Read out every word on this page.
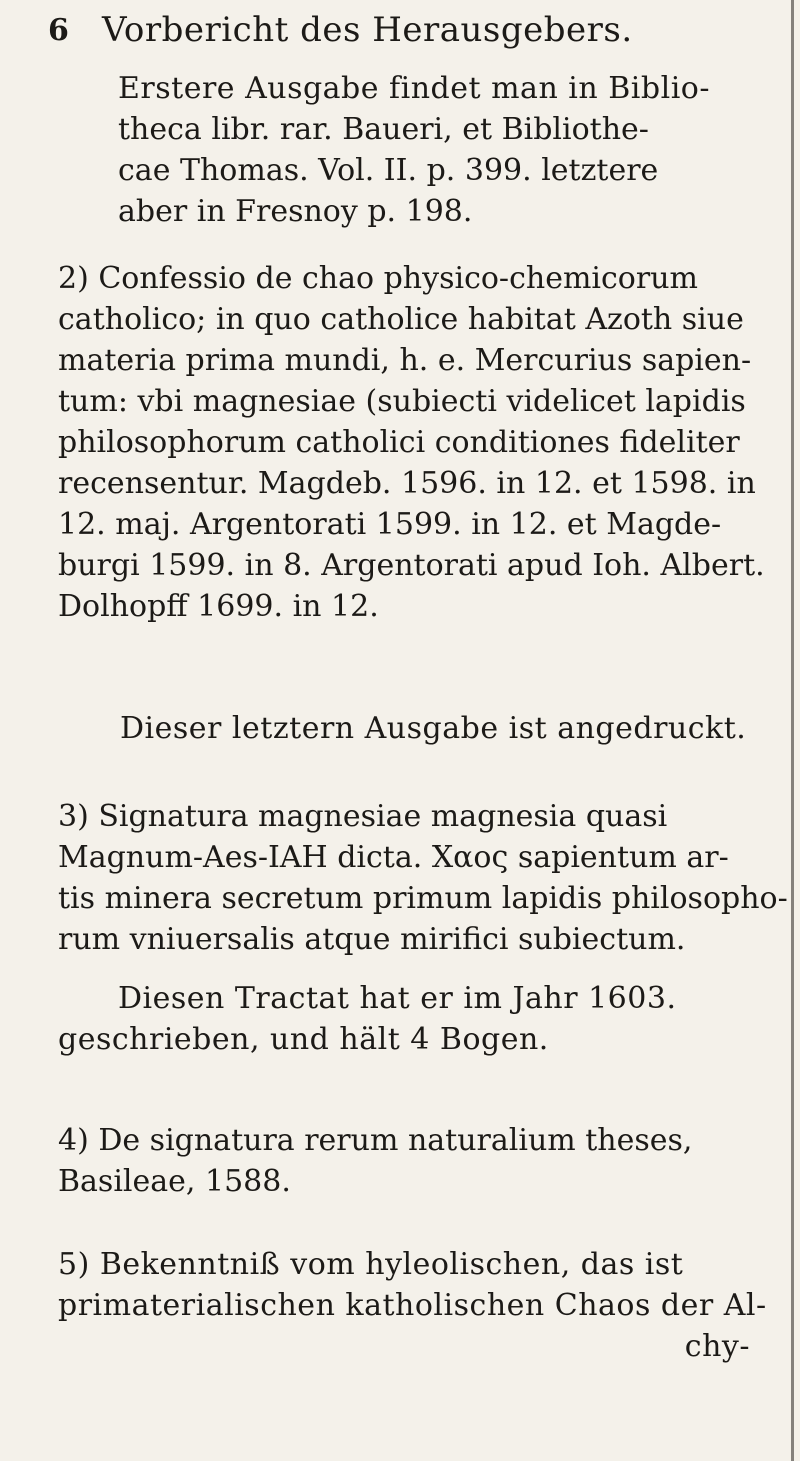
6 Vorbericht des Herausgebers.
Erstere Ausgabe findet man in Biblio-
theca libr. rar. Baueri, et Bibliothe-
cae Thomas. Vol. II. p. 399. letztere
aber in Fresnoy p. 198.
2) Confessio de chao physico-chemicorum
catholico; in quo catholice habitat Azoth siue
materia prima mundi, h. e. Mercurius sapien-
tum: vbi magnesiae (subiecti videlicet lapidis
philosophorum catholici conditiones fideliter
recensentur. Magdeb. 1596. in 12. et 1598. in
12. maj. Argentorati 1599. in 12. et Magde-
burgi 1599. in 8. Argentorati apud Ioh. Albert.
Dolhopff 1699. in 12.
Dieser letztern Ausgabe ist angedruckt.
3) Signatura magnesiae magnesia quasi
Magnum-Aes-IAH dicta. Χαος sapientum ar-
tis minera secretum primum lapidis philosopho-
rum vniuersalis atque mirifici subiectum.
Diesen Tractat hat er im Jahr 1603.
geschrieben, und hält 4 Bogen.
4) De signatura rerum naturalium theses,
Basileae, 1588.
5) Bekenntniß vom hyleolischen, das ist
primaterialischen katholischen Chaos der Al-
chy-
